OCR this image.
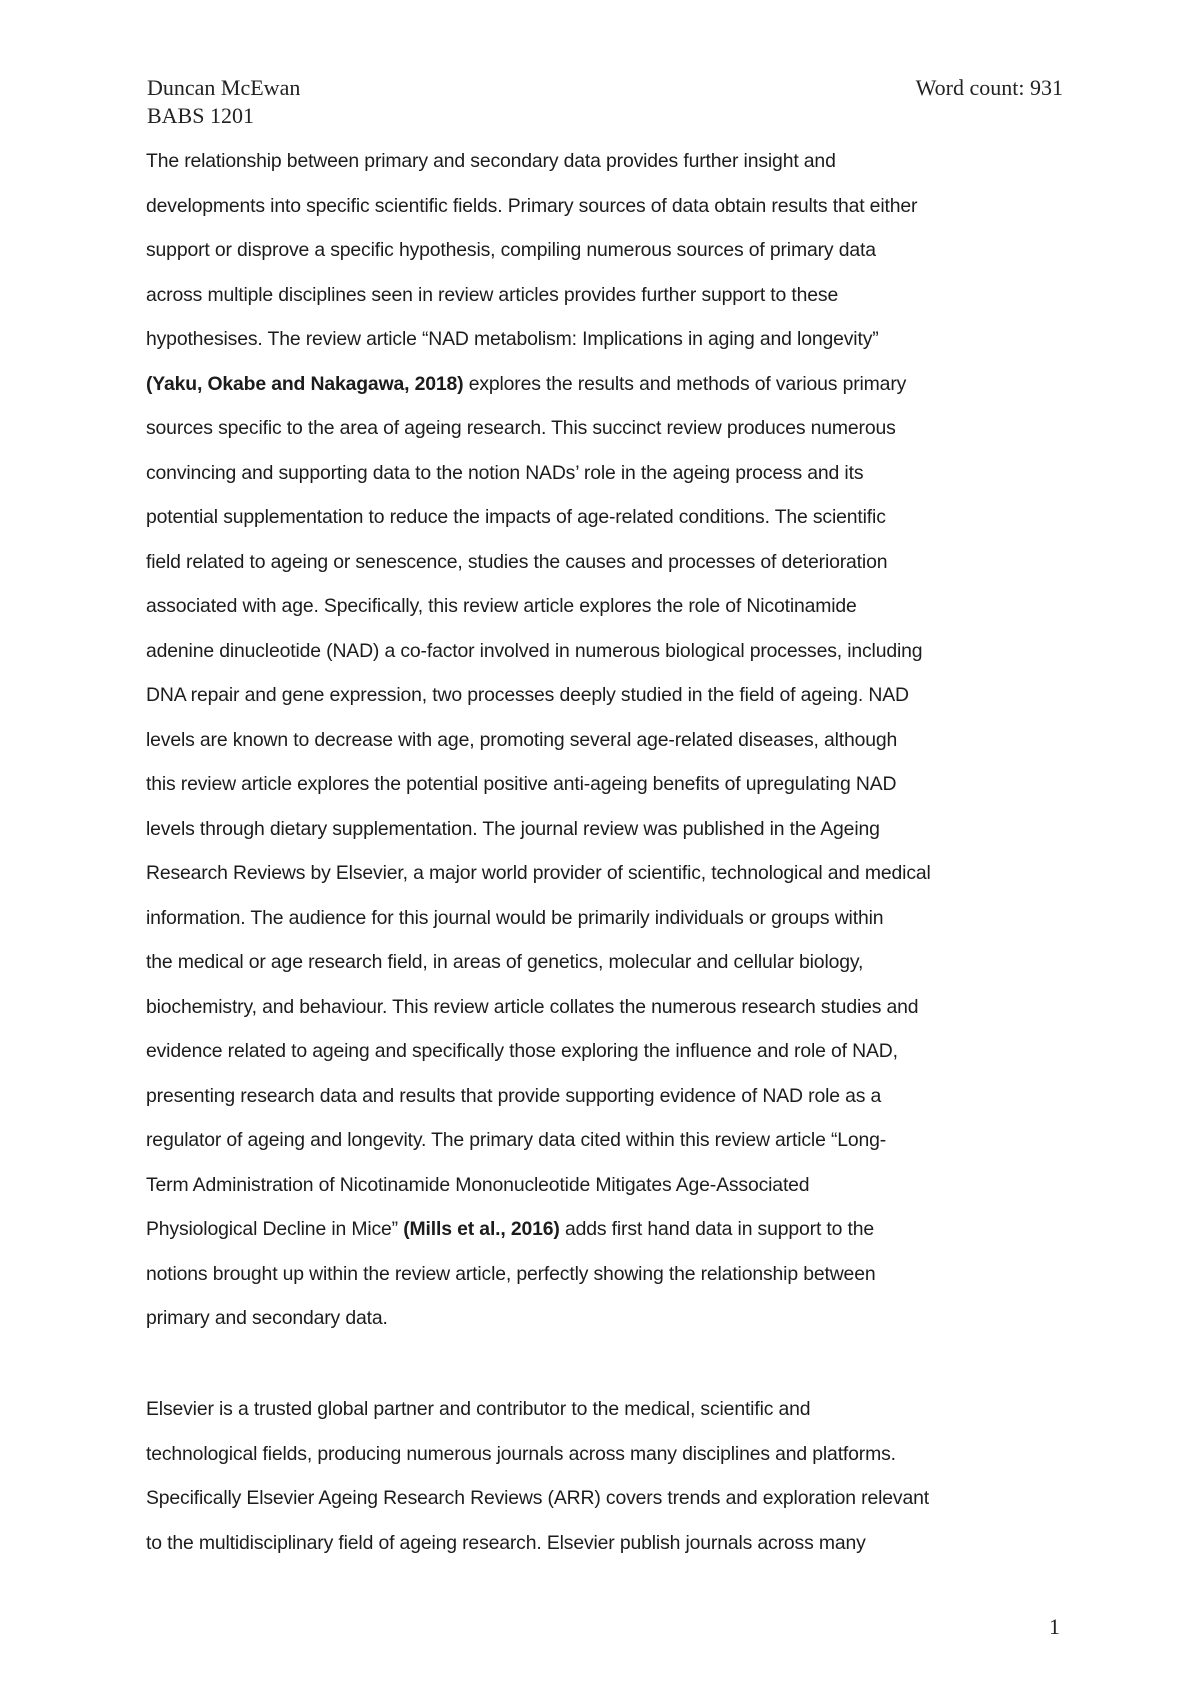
Duncan McEwan
BABS 1201
Word count: 931
The relationship between primary and secondary data provides further insight and
developments into specific scientific fields. Primary sources of data obtain results that either
support or disprove a specific hypothesis, compiling numerous sources of primary data
across multiple disciplines seen in review articles provides further support to these
hypothesises. The review article “NAD metabolism: Implications in aging and longevity”
(Yaku, Okabe and Nakagawa, 2018) explores the results and methods of various primary
sources specific to the area of ageing research. This succinct review produces numerous
convincing and supporting data to the notion NADs’ role in the ageing process and its
potential supplementation to reduce the impacts of age-related conditions. The scientific
field related to ageing or senescence, studies the causes and processes of deterioration
associated with age. Specifically, this review article explores the role of Nicotinamide
adenine dinucleotide (NAD) a co-factor involved in numerous biological processes, including
DNA repair and gene expression, two processes deeply studied in the field of ageing. NAD
levels are known to decrease with age, promoting several age-related diseases, although
this review article explores the potential positive anti-ageing benefits of upregulating NAD
levels through dietary supplementation. The journal review was published in the Ageing
Research Reviews by Elsevier, a major world provider of scientific, technological and medical
information. The audience for this journal would be primarily individuals or groups within
the medical or age research field, in areas of genetics, molecular and cellular biology,
biochemistry, and behaviour. This review article collates the numerous research studies and
evidence related to ageing and specifically those exploring the influence and role of NAD,
presenting research data and results that provide supporting evidence of NAD role as a
regulator of ageing and longevity. The primary data cited within this review article “Long-
Term Administration of Nicotinamide Mononucleotide Mitigates Age-Associated
Physiological Decline in Mice” (Mills et al., 2016) adds first hand data in support to the
notions brought up within the review article, perfectly showing the relationship between
primary and secondary data.
Elsevier is a trusted global partner and contributor to the medical, scientific and
technological fields, producing numerous journals across many disciplines and platforms.
Specifically Elsevier Ageing Research Reviews (ARR) covers trends and exploration relevant
to the multidisciplinary field of ageing research. Elsevier publish journals across many
1
